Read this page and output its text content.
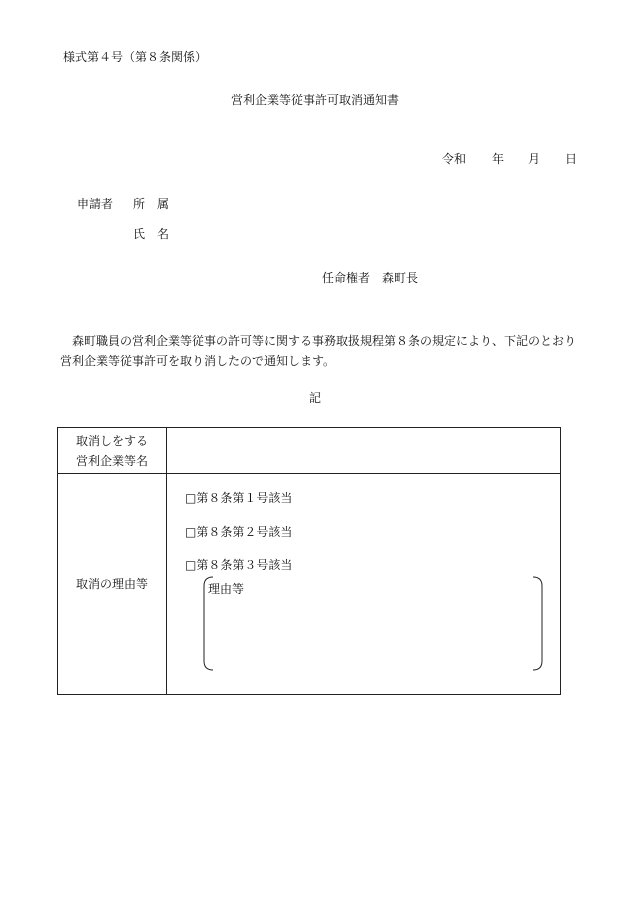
様式第４号（第８条関係）
営利企業等従事許可取消通知書
令和 年 月 日
申請者 所　属
氏　名
任命権者　森町長
森町職員の営利企業等従事の許可等に関する事務取扱規程第８条の規定により、下記のとおり営利企業等従事許可を取り消したので通知します。
記
取消しをする
営利企業等名	

取消の理由等	□第８条第１号該当
□第８条第２号該当
□第８条第３号該当
理由等
